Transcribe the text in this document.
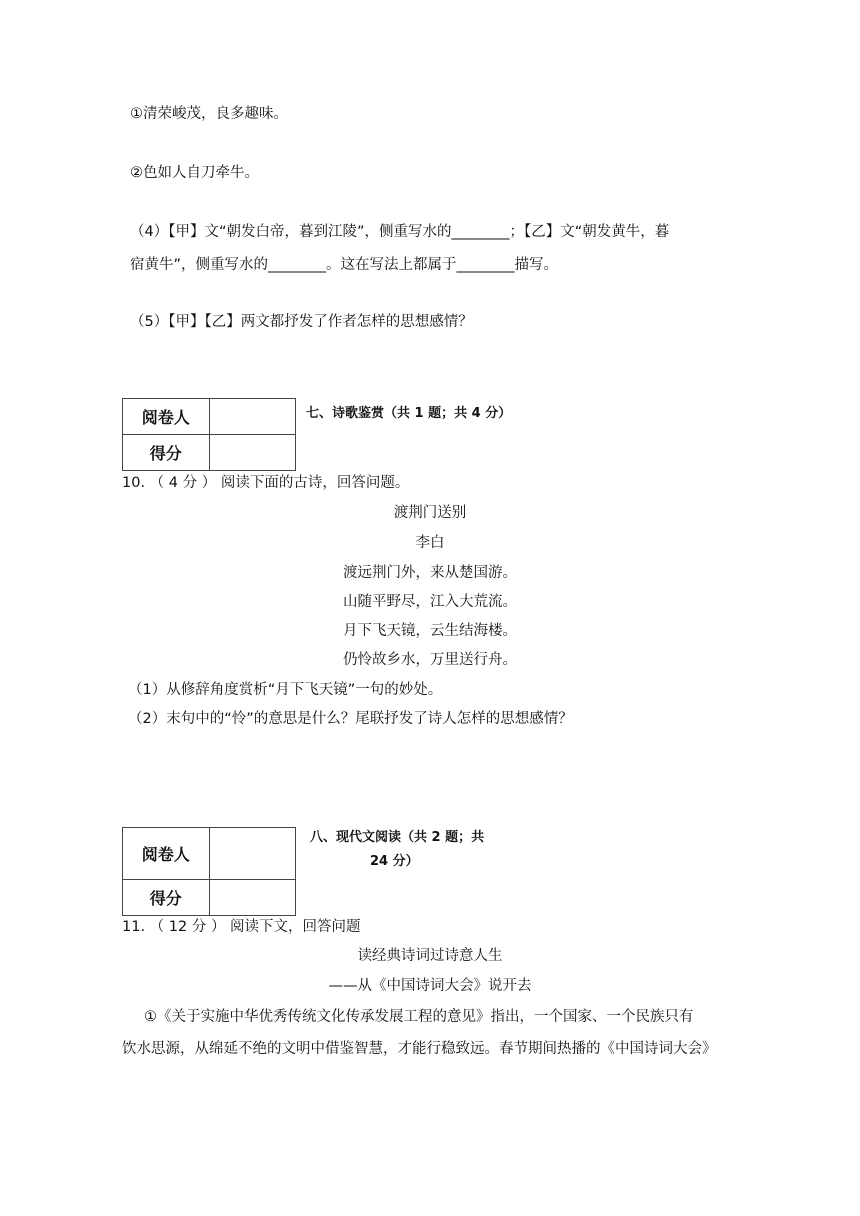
①清荣峻茂，良多趣味。
②色如人自刀牵牛。
（4）【甲】文“朝发白帝，暮到江陵”，侧重写水的________；【乙】文“朝发黄牛，暮
宿黄牛”，侧重写水的________。这在写法上都属于________描写。
（5）【甲】【乙】两文都抒发了作者怎样的思想感情？
阅卷人	
得分	
七、诗歌鉴赏（共 1 题；共 4 分）
10. （ 4 分 ） 阅读下面的古诗，回答问题。
渡荆门送别
李白
渡远荆门外，来从楚国游。
山随平野尽，江入大荒流。
月下飞天镜，云生结海楼。
仍怜故乡水，万里送行舟。
（1）从修辞角度赏析“月下飞天镜”一句的妙处。
（2）末句中的“怜”的意思是什么？尾联抒发了诗人怎样的思想感情？
阅卷人	
得分	
八、现代文阅读（共 2 题；共
24 分）
11. （ 12 分 ） 阅读下文，回答问题
读经典诗词过诗意人生
——从《中国诗词大会》说开去
①《关于实施中华优秀传统文化传承发展工程的意见》指出，一个国家、一个民族只有
饮水思源，从绵延不绝的文明中借鉴智慧，才能行稳致远。春节期间热播的《中国诗词大会》
